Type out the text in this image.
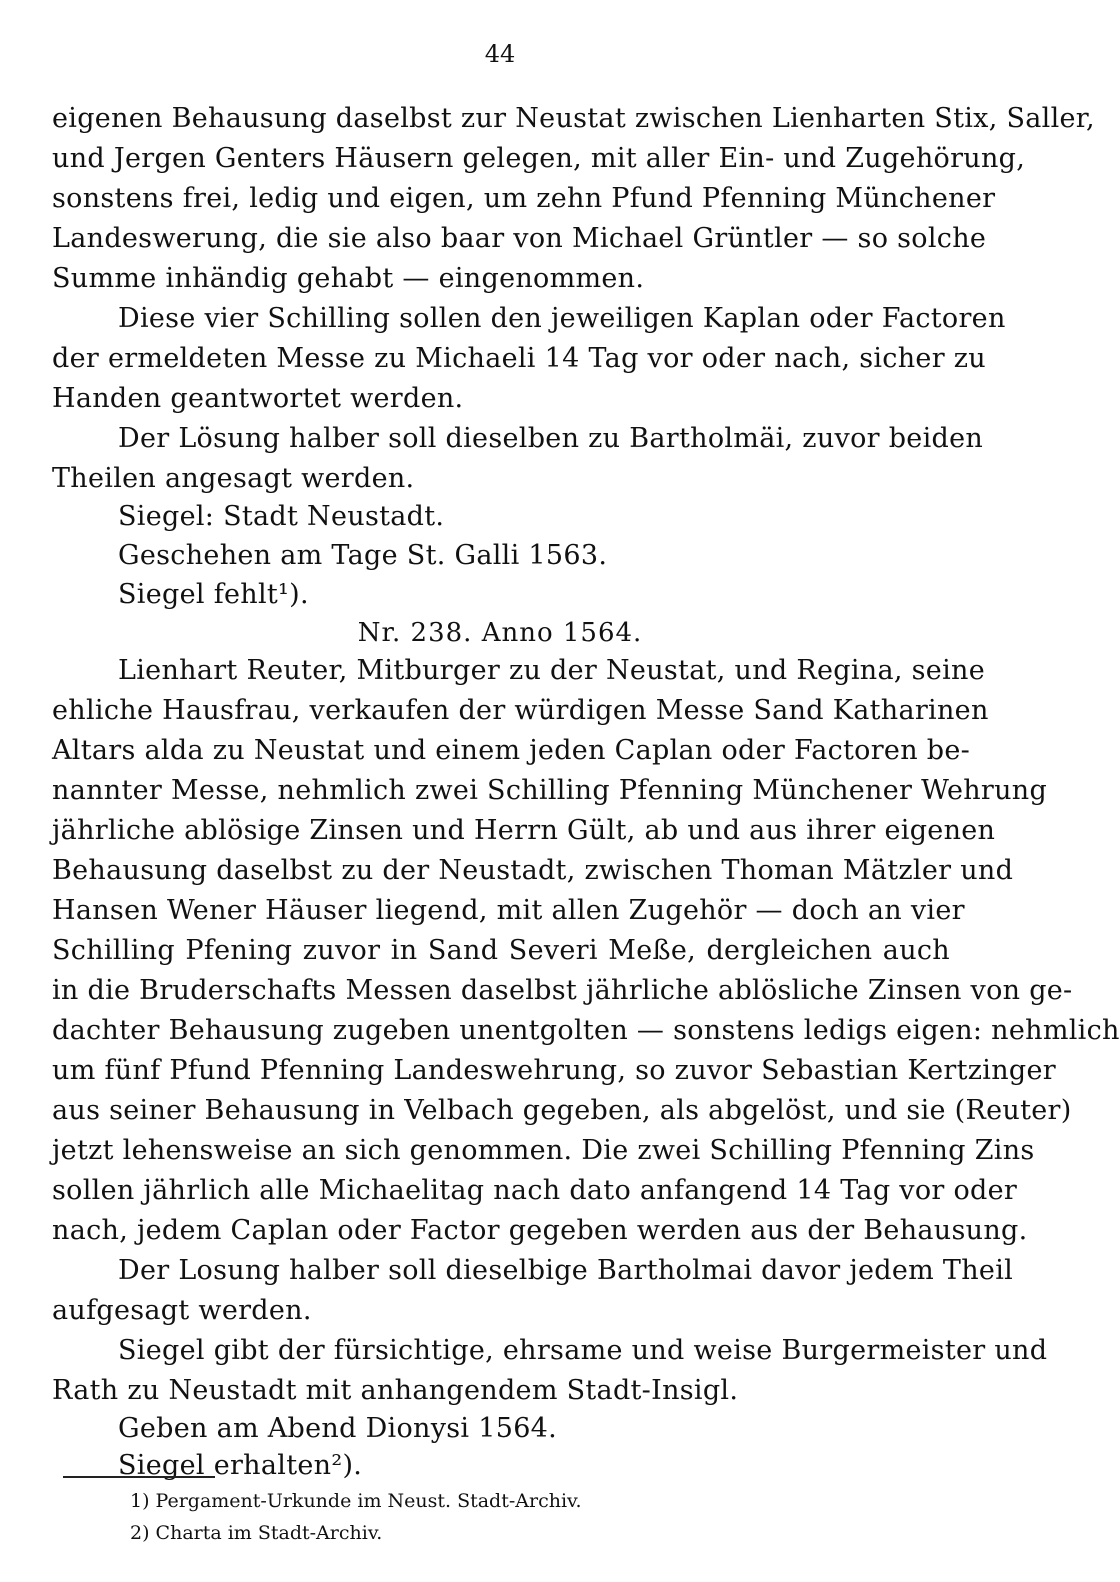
44
eigenen Behausung daselbst zur Neustat zwischen Lienharten Stix, Saller,
und Jergen Genters Häusern gelegen, mit aller Ein- und Zugehörung,
sonstens frei, ledig und eigen, um zehn Pfund Pfenning Münchener
Landeswerung, die sie also baar von Michael Grüntler — so solche
Summe inhändig gehabt — eingenommen.
Diese vier Schilling sollen den jeweiligen Kaplan oder Factoren
der ermeldeten Messe zu Michaeli 14 Tag vor oder nach, sicher zu
Handen geantwortet werden.
Der Lösung halber soll dieselben zu Bartholmäi, zuvor beiden
Theilen angesagt werden.
Siegel: Stadt Neustadt.
Geschehen am Tage St. Galli 1563.
Siegel fehlt¹).
Nr. 238. Anno 1564.
Lienhart Reuter, Mitburger zu der Neustat, und Regina, seine
ehliche Hausfrau, verkaufen der würdigen Messe Sand Katharinen
Altars alda zu Neustat und einem jeden Caplan oder Factoren be-
nannter Messe, nehmlich zwei Schilling Pfenning Münchener Wehrung
jährliche ablösige Zinsen und Herrn Gült, ab und aus ihrer eigenen
Behausung daselbst zu der Neustadt, zwischen Thoman Mätzler und
Hansen Wener Häuser liegend, mit allen Zugehör — doch an vier
Schilling Pfening zuvor in Sand Severi Meße, dergleichen auch
in die Bruderschafts Messen daselbst jährliche ablösliche Zinsen von ge-
dachter Behausung zugeben unentgolten — sonstens ledigs eigen: nehmlich
um fünf Pfund Pfenning Landeswehrung, so zuvor Sebastian Kertzinger
aus seiner Behausung in Velbach gegeben, als abgelöst, und sie (Reuter)
jetzt lehensweise an sich genommen. Die zwei Schilling Pfenning Zins
sollen jährlich alle Michaelitag nach dato anfangend 14 Tag vor oder
nach, jedem Caplan oder Factor gegeben werden aus der Behausung.
Der Losung halber soll dieselbige Bartholmai davor jedem Theil
aufgesagt werden.
Siegel gibt der fürsichtige, ehrsame und weise Burgermeister und
Rath zu Neustadt mit anhangendem Stadt-Insigl.
Geben am Abend Dionysi 1564.
Siegel erhalten²).
1) Pergament-Urkunde im Neust. Stadt-Archiv.
2) Charta im Stadt-Archiv.
